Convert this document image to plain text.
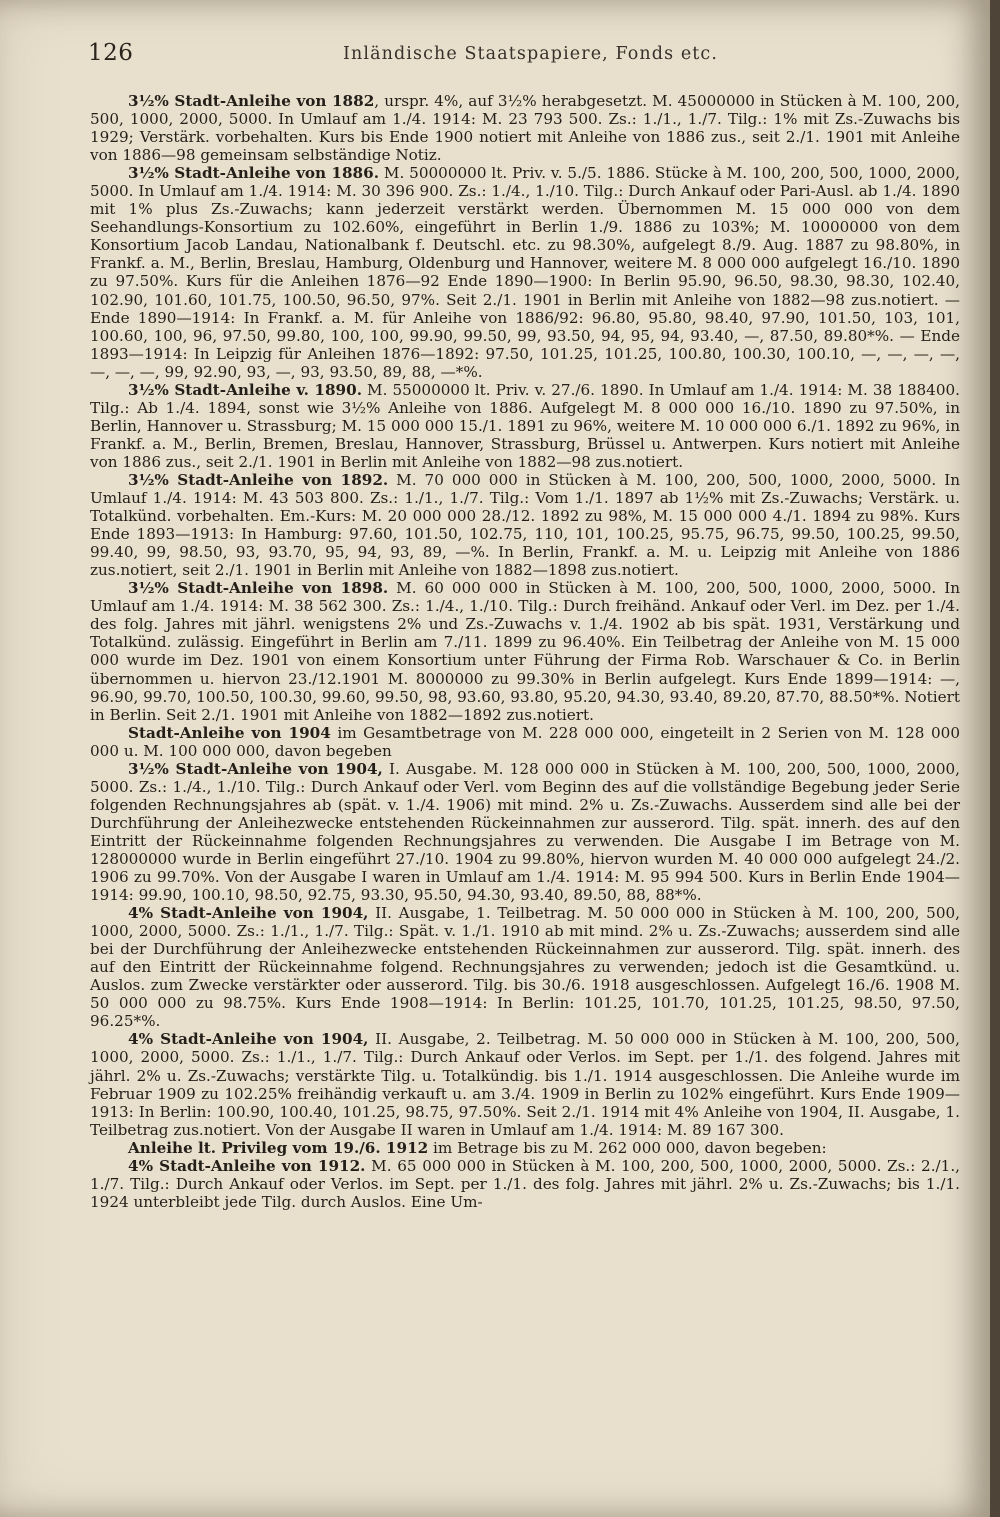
126	Inländische Staatspapiere, Fonds etc.

3½% Stadt-Anleihe von 1882, urspr. 4%, auf 3½% herabgesetzt. M. 45000000 in Stücken à M. 100, 200, 500, 1000, 2000, 5000. In Umlauf am 1./4. 1914: M. 23 793 500. Zs.: 1./1., 1./7. Tilg.: 1% mit Zs.-Zuwachs bis 1929; Verstärk. vorbehalten. Kurs bis Ende 1900 notiert mit Anleihe von 1886 zus., seit 2./1. 1901 mit Anleihe von 1886—98 gemeinsam selbständige Notiz.

3½% Stadt-Anleihe von 1886. M. 50000000 lt. Priv. v. 5./5. 1886. Stücke à M. 100, 200, 500, 1000, 2000, 5000. In Umlauf am 1./4. 1914: M. 30 396 900. Zs.: 1./4., 1./10. Tilg.: Durch Ankauf oder Pari-Ausl. ab 1./4. 1890 mit 1% plus Zs.-Zuwachs; kann jederzeit verstärkt werden. Übernommen M. 15 000 000 von dem Seehandlungs-Konsortium zu 102.60%, eingeführt in Berlin 1./9. 1886 zu 103%; M. 10000000 von dem Konsortium Jacob Landau, Nationalbank f. Deutschl. etc. zu 98.30%, aufgelegt 8./9. Aug. 1887 zu 98.80%, in Frankf. a. M., Berlin, Breslau, Hamburg, Oldenburg und Hannover, weitere M. 8 000 000 aufgelegt 16./10. 1890 zu 97.50%. Kurs für die Anleihen 1876—92 Ende 1890—1900: In Berlin 95.90, 96.50, 98.30, 98.30, 102.40, 102.90, 101.60, 101.75, 100.50, 96.50, 97%. Seit 2./1. 1901 in Berlin mit Anleihe von 1882—98 zus.notiert. — Ende 1890—1914: In Frankf. a. M. für Anleihe von 1886/92: 96.80, 95.80, 98.40, 97.90, 101.50, 103, 101, 100.60, 100, 96, 97.50, 99.80, 100, 100, 99.90, 99.50, 99, 93.50, 94, 95, 94, 93.40, —, 87.50, 89.80*%. — Ende 1893—1914: In Leipzig für Anleihen 1876—1892: 97.50, 101.25, 101.25, 100.80, 100.30, 100.10, —, —, —, —, —, —, —, 99, 92.90, 93, —, 93, 93.50, 89, 88, —*%.

3½% Stadt-Anleihe v. 1890. M. 55000000 lt. Priv. v. 27./6. 1890. In Umlauf am 1./4. 1914: M. 38 188400. Tilg.: Ab 1./4. 1894, sonst wie 3½% Anleihe von 1886. Aufgelegt M. 8 000 000 16./10. 1890 zu 97.50%, in Berlin, Hannover u. Strassburg; M. 15 000 000 15./1. 1891 zu 96%, weitere M. 10 000 000 6./1. 1892 zu 96%, in Frankf. a. M., Berlin, Bremen, Breslau, Hannover, Strassburg, Brüssel u. Antwerpen. Kurs notiert mit Anleihe von 1886 zus., seit 2./1. 1901 in Berlin mit Anleihe von 1882—98 zus.notiert.

3½% Stadt-Anleihe von 1892. M. 70 000 000 in Stücken à M. 100, 200, 500, 1000, 2000, 5000. In Umlauf 1./4. 1914: M. 43 503 800. Zs.: 1./1., 1./7. Tilg.: Vom 1./1. 1897 ab 1½% mit Zs.-Zuwachs; Verstärk. u. Totalkünd. vorbehalten. Em.-Kurs: M. 20 000 000 28./12. 1892 zu 98%, M. 15 000 000 4./1. 1894 zu 98%. Kurs Ende 1893—1913: In Hamburg: 97.60, 101.50, 102.75, 110, 101, 100.25, 95.75, 96.75, 99.50, 100.25, 99.50, 99.40, 99, 98.50, 93, 93.70, 95, 94, 93, 89, —%. In Berlin, Frankf. a. M. u. Leipzig mit Anleihe von 1886 zus.notiert, seit 2./1. 1901 in Berlin mit Anleihe von 1882—1898 zus.notiert.

3½% Stadt-Anleihe von 1898. M. 60 000 000 in Stücken à M. 100, 200, 500, 1000, 2000, 5000. In Umlauf am 1./4. 1914: M. 38 562 300. Zs.: 1./4., 1./10. Tilg.: Durch freihänd. Ankauf oder Verl. im Dez. per 1./4. des folg. Jahres mit jährl. wenigstens 2% und Zs.-Zuwachs v. 1./4. 1902 ab bis spät. 1931, Verstärkung und Totalkünd. zulässig. Eingeführt in Berlin am 7./11. 1899 zu 96.40%. Ein Teilbetrag der Anleihe von M. 15 000 000 wurde im Dez. 1901 von einem Konsortium unter Führung der Firma Rob. Warschauer & Co. in Berlin übernommen u. hiervon 23./12.1901 M. 8000000 zu 99.30% in Berlin aufgelegt. Kurs Ende 1899—1914: —, 96.90, 99.70, 100.50, 100.30, 99.60, 99.50, 98, 93.60, 93.80, 95.20, 94.30, 93.40, 89.20, 87.70, 88.50*%. Notiert in Berlin. Seit 2./1. 1901 mit Anleihe von 1882—1892 zus.notiert.

Stadt-Anleihe von 1904 im Gesamtbetrage von M. 228 000 000, eingeteilt in 2 Serien von M. 128 000 000 u. M. 100 000 000, davon begeben

3½% Stadt-Anleihe von 1904, I. Ausgabe. M. 128 000 000 in Stücken à M. 100, 200, 500, 1000, 2000, 5000. Zs.: 1./4., 1./10. Tilg.: Durch Ankauf oder Verl. vom Beginn des auf die vollständige Begebung jeder Serie folgenden Rechnungsjahres ab (spät. v. 1./4. 1906) mit mind. 2% u. Zs.-Zuwachs. Ausserdem sind alle bei der Durchführung der Anleihezwecke entstehenden Rückeinnahmen zur ausserord. Tilg. spät. innerh. des auf den Eintritt der Rückeinnahme folgenden Rechnungsjahres zu verwenden. Die Ausgabe I im Betrage von M. 128000000 wurde in Berlin eingeführt 27./10. 1904 zu 99.80%, hiervon wurden M. 40 000 000 aufgelegt 24./2. 1906 zu 99.70%. Von der Ausgabe I waren in Umlauf am 1./4. 1914: M. 95 994 500. Kurs in Berlin Ende 1904—1914: 99.90, 100.10, 98.50, 92.75, 93.30, 95.50, 94.30, 93.40, 89.50, 88, 88*%.

4% Stadt-Anleihe von 1904, II. Ausgabe, 1. Teilbetrag. M. 50 000 000 in Stücken à M. 100, 200, 500, 1000, 2000, 5000. Zs.: 1./1., 1./7. Tilg.: Spät. v. 1./1. 1910 ab mit mind. 2% u. Zs.-Zuwachs; ausserdem sind alle bei der Durchführung der Anleihezwecke entstehenden Rückeinnahmen zur ausserord. Tilg. spät. innerh. des auf den Eintritt der Rückeinnahme folgend. Rechnungsjahres zu verwenden; jedoch ist die Gesamtkünd. u. Auslos. zum Zwecke verstärkter oder ausserord. Tilg. bis 30./6. 1918 ausgeschlossen. Aufgelegt 16./6. 1908 M. 50 000 000 zu 98.75%. Kurs Ende 1908—1914: In Berlin: 101.25, 101.70, 101.25, 101.25, 98.50, 97.50, 96.25*%.

4% Stadt-Anleihe von 1904, II. Ausgabe, 2. Teilbetrag. M. 50 000 000 in Stücken à M. 100, 200, 500, 1000, 2000, 5000. Zs.: 1./1., 1./7. Tilg.: Durch Ankauf oder Verlos. im Sept. per 1./1. des folgend. Jahres mit jährl. 2% u. Zs.-Zuwachs; verstärkte Tilg. u. Totalkündig. bis 1./1. 1914 ausgeschlossen. Die Anleihe wurde im Februar 1909 zu 102.25% freihändig verkauft u. am 3./4. 1909 in Berlin zu 102% eingeführt. Kurs Ende 1909—1913: In Berlin: 100.90, 100.40, 101.25, 98.75, 97.50%. Seit 2./1. 1914 mit 4% Anleihe von 1904, II. Ausgabe, 1. Teilbetrag zus.notiert. Von der Ausgabe II waren in Umlauf am 1./4. 1914: M. 89 167 300.

Anleihe lt. Privileg vom 19./6. 1912 im Betrage bis zu M. 262 000 000, davon begeben:

4% Stadt-Anleihe von 1912. M. 65 000 000 in Stücken à M. 100, 200, 500, 1000, 2000, 5000. Zs.: 2./1., 1./7. Tilg.: Durch Ankauf oder Verlos. im Sept. per 1./1. des folg. Jahres mit jährl. 2% u. Zs.-Zuwachs; bis 1./1. 1924 unterbleibt jede Tilg. durch Auslos. Eine Um-
